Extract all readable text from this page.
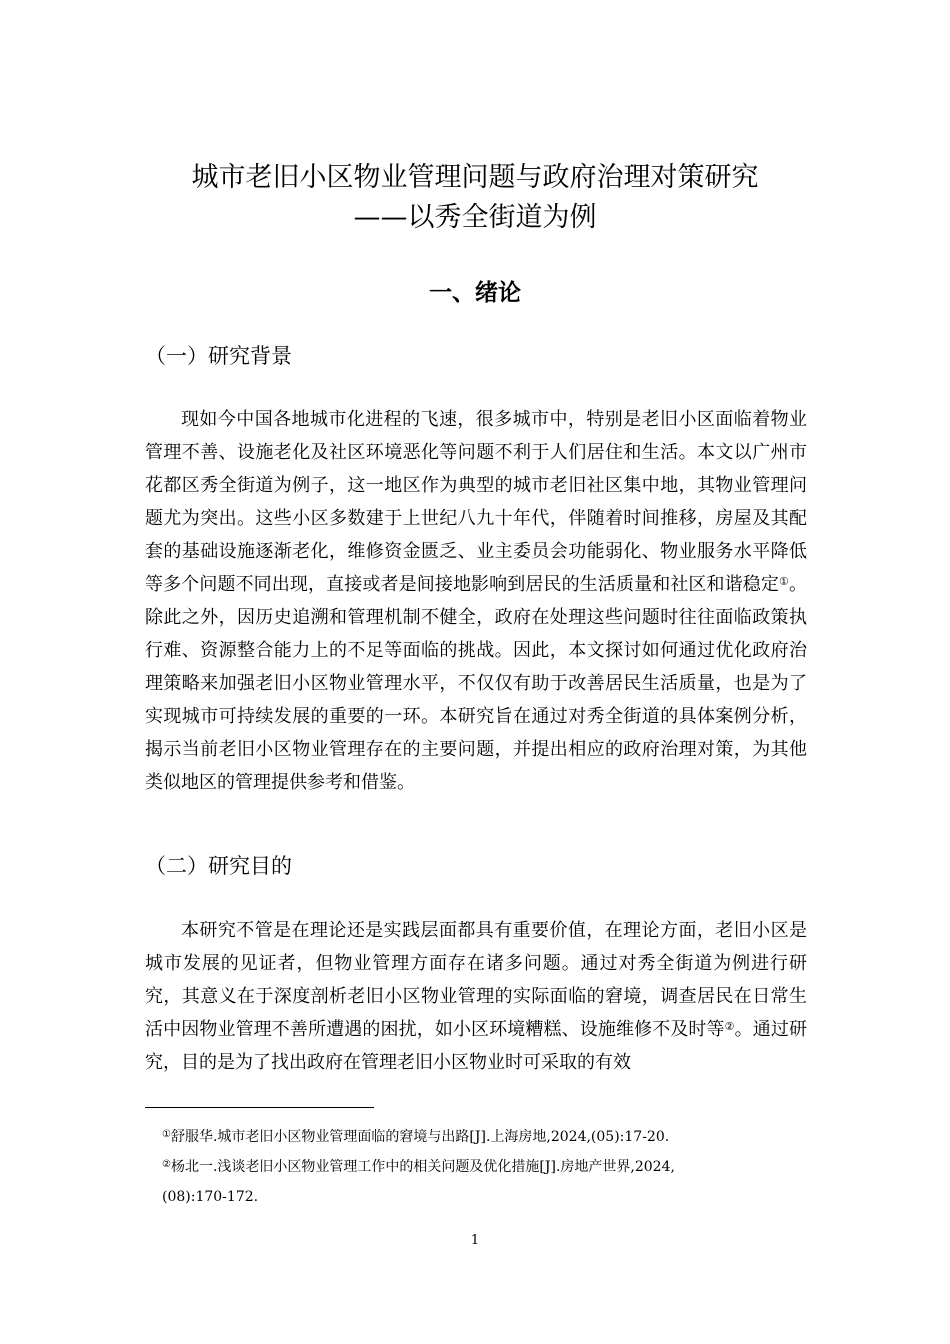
城市老旧小区物业管理问题与政府治理对策研究
——以秀全街道为例
一、绪论
（一）研究背景

现如今中国各地城市化进程的飞速，很多城市中，特别是老旧小区面临着物业管理不善、设施老化及社区环境恶化等问题不利于人们居住和生活。本文以广州市花都区秀全街道为例子，这一地区作为典型的城市老旧社区集中地，其物业管理问题尤为突出。这些小区多数建于上世纪八九十年代，伴随着时间推移，房屋及其配套的基础设施逐渐老化，维修资金匮乏、业主委员会功能弱化、物业服务水平降低等多个问题不同出现，直接或者是间接地影响到居民的生活质量和社区和谐稳定①。除此之外，因历史追溯和管理机制不健全，政府在处理这些问题时往往面临政策执行难、资源整合能力上的不足等面临的挑战。因此，本文探讨如何通过优化政府治理策略来加强老旧小区物业管理水平，不仅仅有助于改善居民生活质量，也是为了实现城市可持续发展的重要的一环。本研究旨在通过对秀全街道的具体案例分析，揭示当前老旧小区物业管理存在的主要问题，并提出相应的政府治理对策，为其他类似地区的管理提供参考和借鉴。

（二）研究目的

本研究不管是在理论还是实践层面都具有重要价值，在理论方面，老旧小区是城市发展的见证者，但物业管理方面存在诸多问题。通过对秀全街道为例进行研究，其意义在于深度剖析老旧小区物业管理的实际面临的窘境，调查居民在日常生活中因物业管理不善所遭遇的困扰，如小区环境糟糕、设施维修不及时等②。通过研究，目的是为了找出政府在管理老旧小区物业时可采取的有效

①舒服华.城市老旧小区物业管理面临的窘境与出路[J].上海房地,2024,(05):17-20.

②杨北一.浅谈老旧小区物业管理工作中的相关问题及优化措施[J].房地产世界,2024,

(08):170-172.

1
